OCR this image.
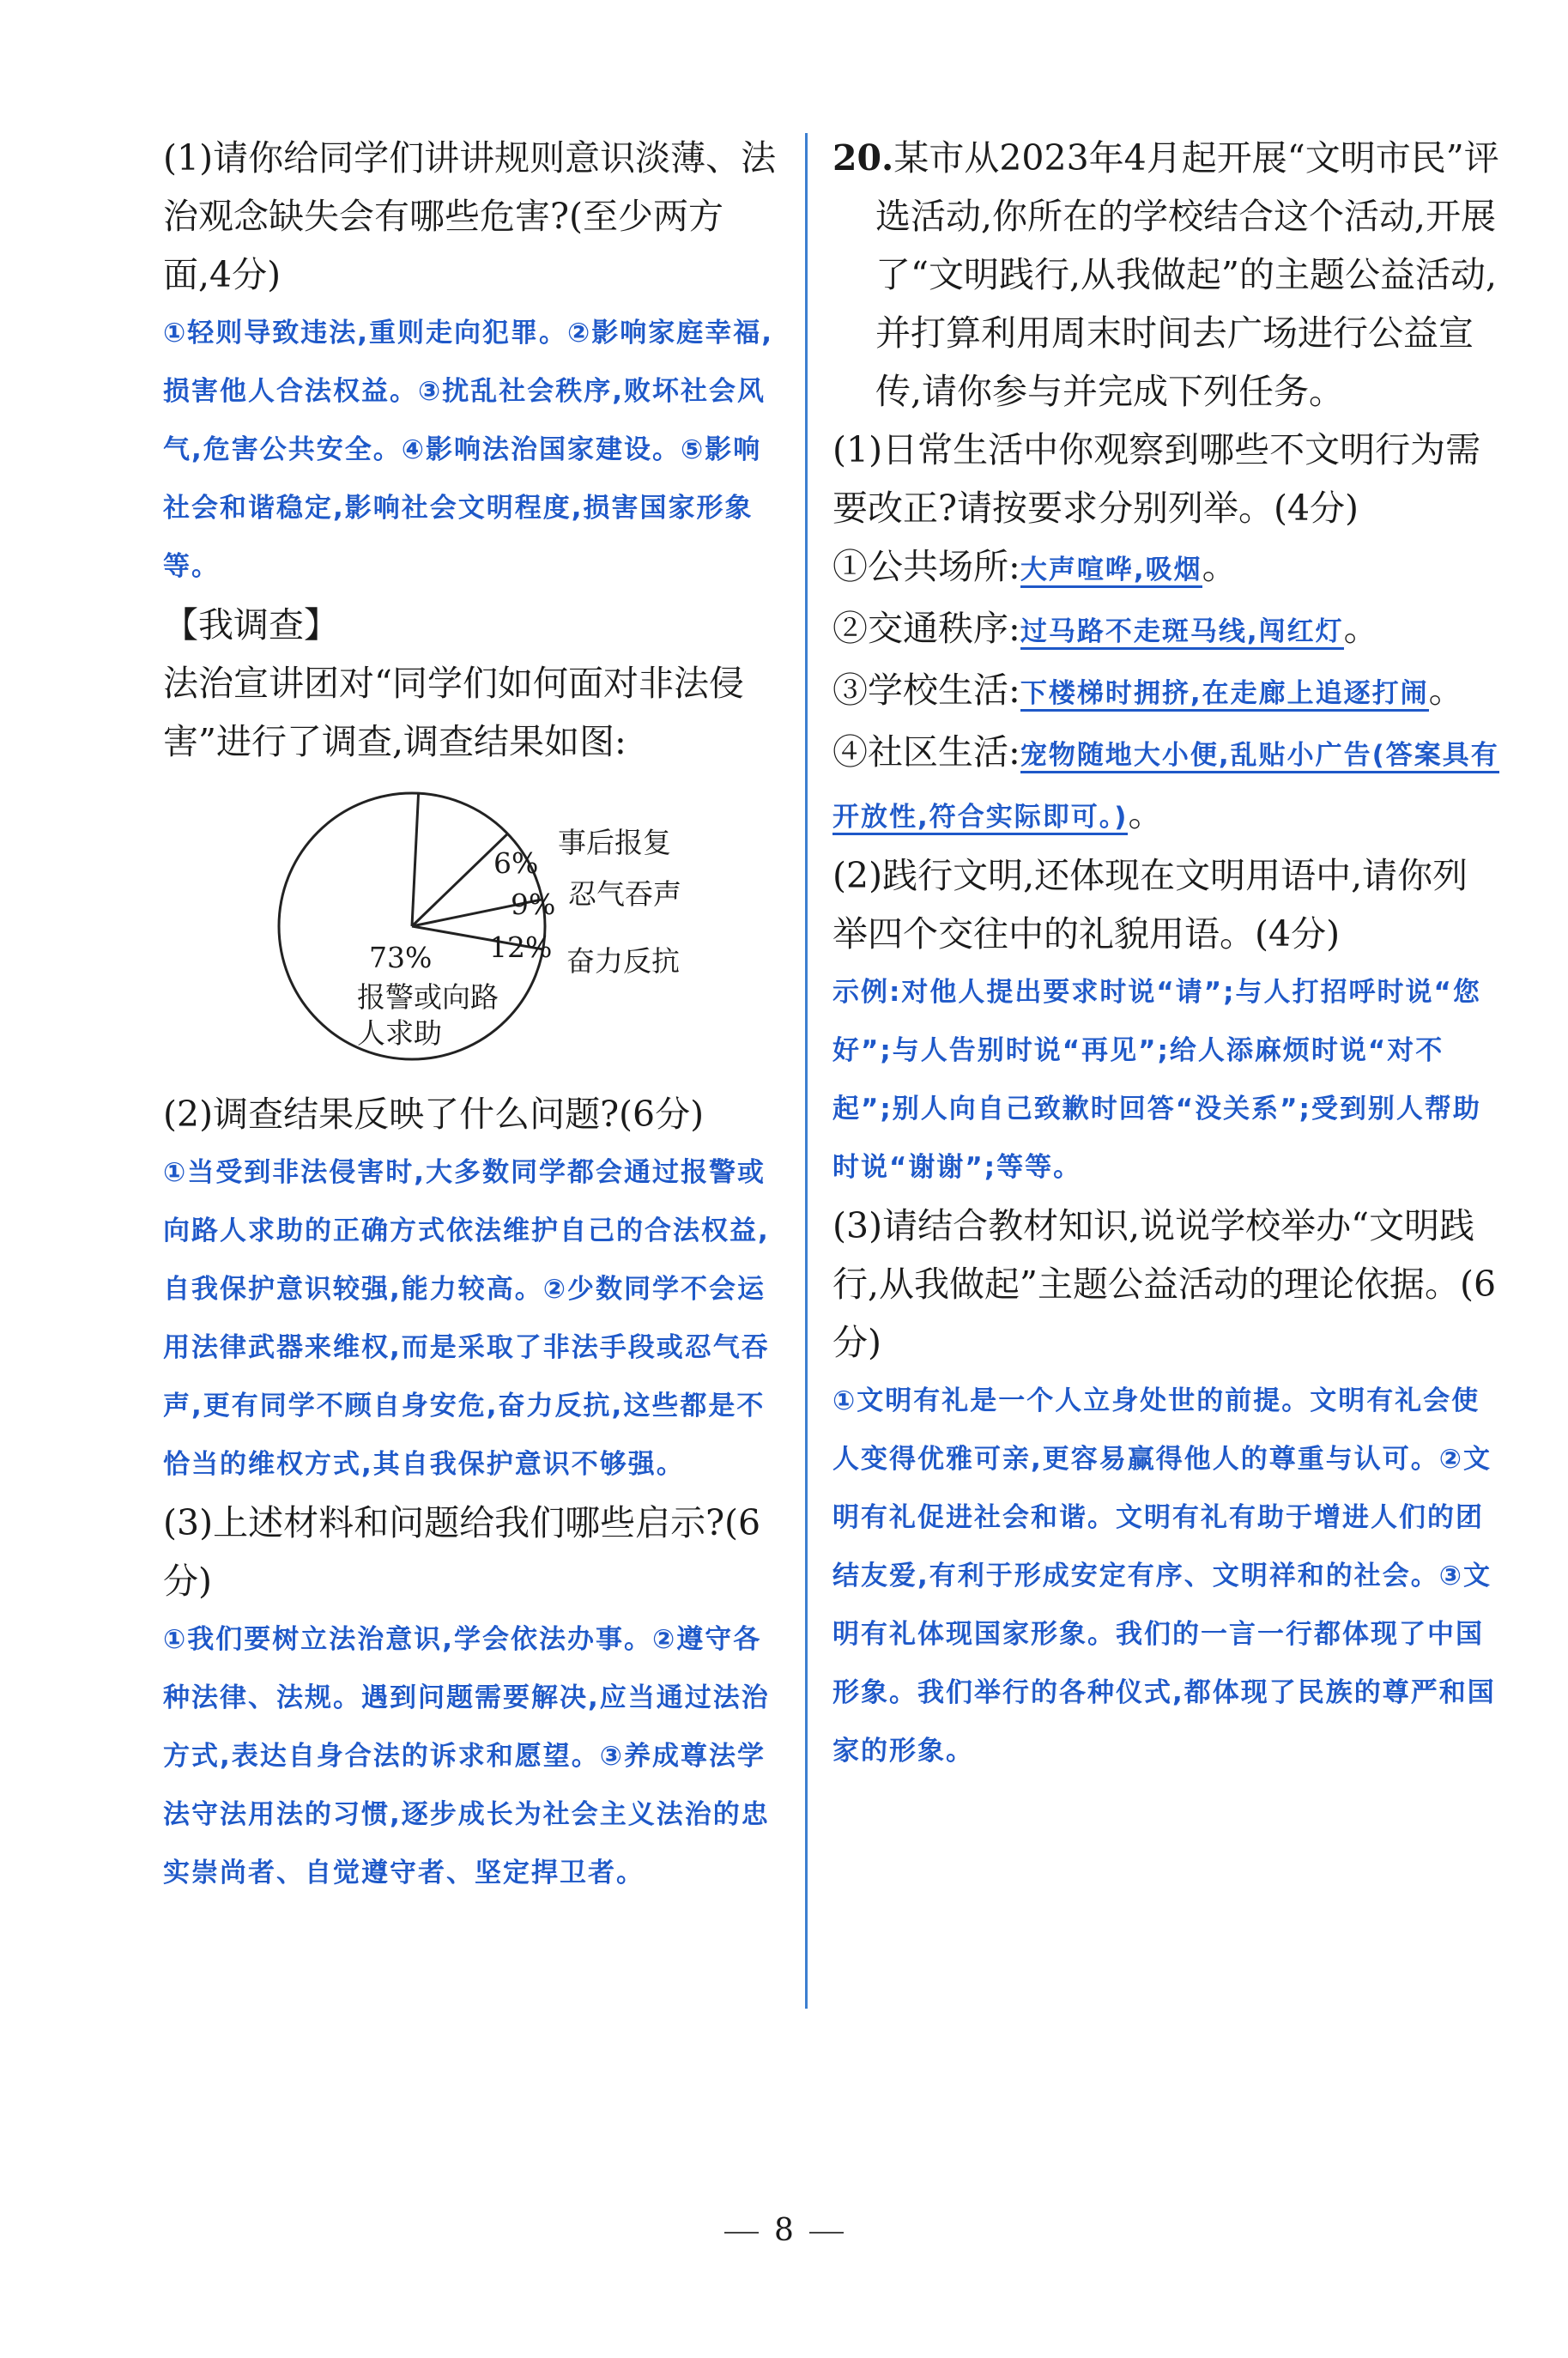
(1)请你给同学们讲讲规则意识淡薄、法治观念缺失会有哪些危害?(至少两方面,4分)

①轻则导致违法,重则走向犯罪。②影响家庭幸福,损害他人合法权益。③扰乱社会秩序,败坏社会风气,危害公共安全。④影响法治国家建设。⑤影响社会和谐稳定,影响社会文明程度,损害国家形象等。

【我调查】

法治宣讲团对“同学们如何面对非法侵害”进行了调查,调查结果如图:

事后报复
忍气吞声
奋力反抗
6%
9%
12%
73%
报警或向路
人求助

(2)调查结果反映了什么问题?(6分)

①当受到非法侵害时,大多数同学都会通过报警或向路人求助的正确方式依法维护自己的合法权益,自我保护意识较强,能力较高。②少数同学不会运用法律武器来维权,而是采取了非法手段或忍气吞声,更有同学不顾自身安危,奋力反抗,这些都是不恰当的维权方式,其自我保护意识不够强。

(3)上述材料和问题给我们哪些启示?(6分)

①我们要树立法治意识,学会依法办事。②遵守各种法律、法规。遇到问题需要解决,应当通过法治方式,表达自身合法的诉求和愿望。③养成尊法学法守法用法的习惯,逐步成长为社会主义法治的忠实崇尚者、自觉遵守者、坚定捍卫者。

20.某市从2023年4月起开展“文明市民”评选活动,你所在的学校结合这个活动,开展了“文明践行,从我做起”的主题公益活动,并打算利用周末时间去广场进行公益宣传,请你参与并完成下列任务。

(1)日常生活中你观察到哪些不文明行为需要改正?请按要求分别列举。(4分)

①公共场所:大声喧哗,吸烟。

②交通秩序:过马路不走斑马线,闯红灯。

③学校生活:下楼梯时拥挤,在走廊上追逐打闹。

④社区生活:宠物随地大小便,乱贴小广告(答案具有开放性,符合实际即可。)。

(2)践行文明,还体现在文明用语中,请你列举四个交往中的礼貌用语。(4分)

示例:对他人提出要求时说“请”;与人打招呼时说“您好”;与人告别时说“再见”;给人添麻烦时说“对不起”;别人向自己致歉时回答“没关系”;受到别人帮助时说“谢谢”;等等。

(3)请结合教材知识,说说学校举办“文明践行,从我做起”主题公益活动的理论依据。(6分)

①文明有礼是一个人立身处世的前提。文明有礼会使人变得优雅可亲,更容易赢得他人的尊重与认可。②文明有礼促进社会和谐。文明有礼有助于增进人们的团结友爱,有利于形成安定有序、文明祥和的社会。③文明有礼体现国家形象。我们的一言一行都体现了中国形象。我们举行的各种仪式,都体现了民族的尊严和国家的形象。

8
